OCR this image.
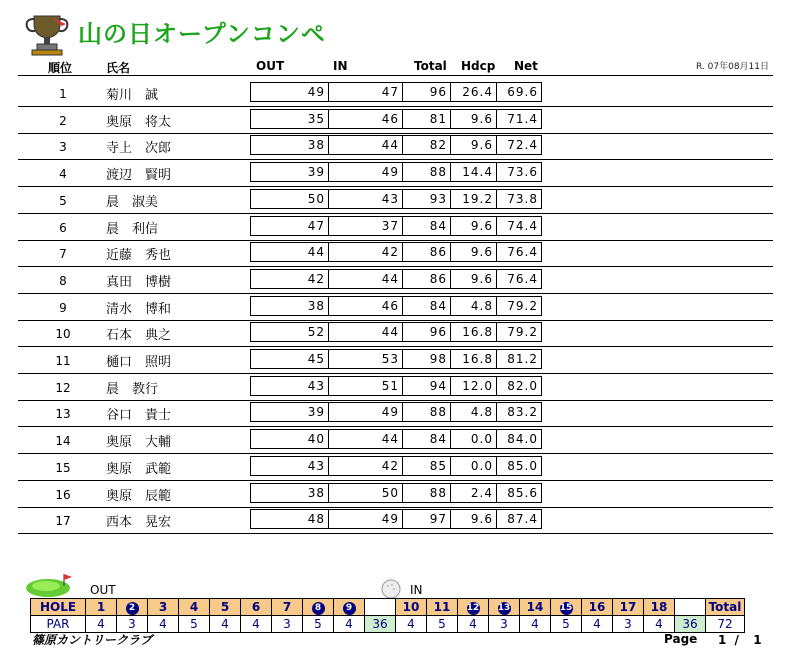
山の日オープンコンペ
R. 07年08月11日
順位	氏名	OUT	IN	Total Hdcp Net
1	菊川　誠	49	47	96	26.4	69.6
2	奥原　将太	35	46	81	9.6	71.4
3	寺上　次郎	38	44	82	9.6	72.4
4	渡辺　賢明	39	49	88	14.4	73.6
5	晨　淑美	50	43	93	19.2	73.8
6	晨　利信	47	37	84	9.6	74.4
7	近藤　秀也	44	42	86	9.6	76.4
8	真田　博樹	42	44	86	9.6	76.4
9	清水　博和	38	46	84	4.8	79.2
10	石本　典之	52	44	96	16.8	79.2
11	樋口　照明	45	53	98	16.8	81.2
12	晨　教行	43	51	94	12.0	82.0
13	谷口　貴士	39	49	88	4.8	83.2
14	奥原　大輔	40	44	84	0.0	84.0
15	奥原　武範	43	42	85	0.0	85.0
16	奥原　辰範	38	50	88	2.4	85.6
17	西本　晃宏	48	49	97	9.6	87.4
OUT	IN
HOLE	1	2	3	4	5	6	7	8	9		10	11	12	13	14	15	16	17	18		Total
PAR	4	3	4	5	4	4	3	5	4	36	4	5	4	3	4	5	4	3	4	36	72
篠原カントリークラブ	Page 1 / 1
